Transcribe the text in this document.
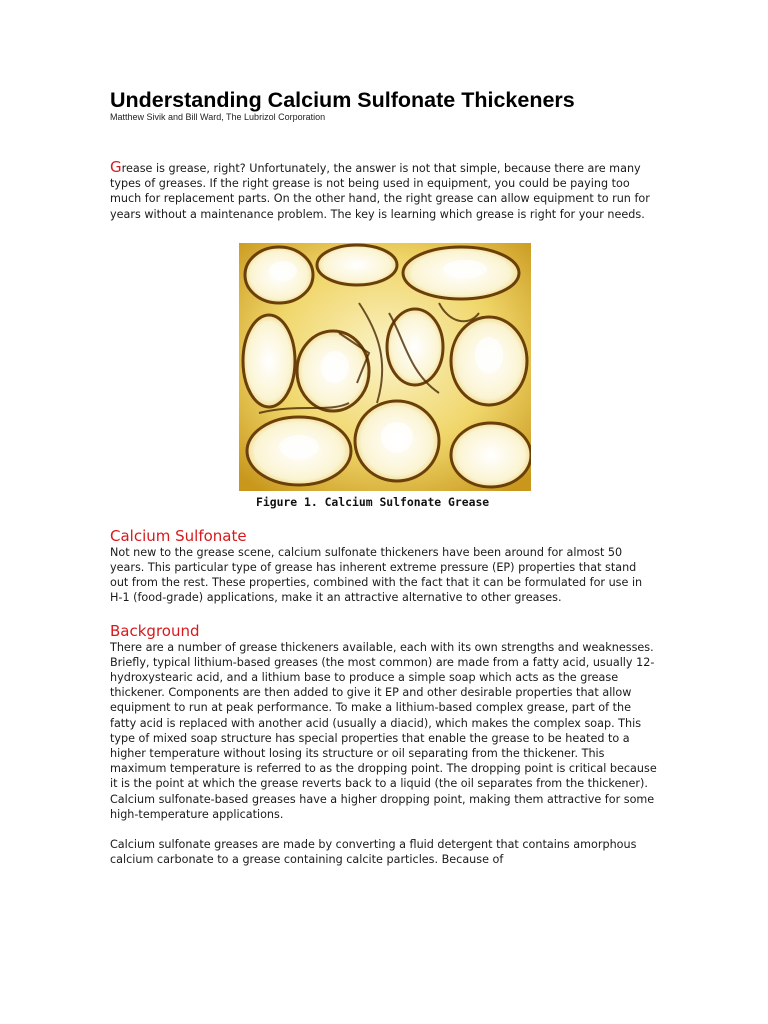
Understanding Calcium Sulfonate Thickeners
Matthew Sivik and Bill Ward, The Lubrizol Corporation

Grease is grease, right? Unfortunately, the answer is not that simple, because there are many types of greases. If the right grease is not being used in equipment, you could be paying too much for replacement parts. On the other hand, the right grease can allow equipment to run for years without a maintenance problem. The key is learning which grease is right for your needs.

Figure 1. Calcium Sulfonate Grease
Calcium Sulfonate

Not new to the grease scene, calcium sulfonate thickeners have been around for almost 50 years. This particular type of grease has inherent extreme pressure (EP) properties that stand out from the rest. These properties, combined with the fact that it can be formulated for use in H-1 (food-grade) applications, make it an attractive alternative to other greases.

Background

There are a number of grease thickeners available, each with its own strengths and weaknesses. Briefly, typical lithium-based greases (the most common) are made from a fatty acid, usually 12-hydroxystearic acid, and a lithium base to produce a simple soap which acts as the grease thickener. Components are then added to give it EP and other desirable properties that allow equipment to run at peak performance. To make a lithium-based complex grease, part of the fatty acid is replaced with another acid (usually a diacid), which makes the complex soap. This type of mixed soap structure has special properties that enable the grease to be heated to a higher temperature without losing its structure or oil separating from the thickener. This maximum temperature is referred to as the dropping point. The dropping point is critical because it is the point at which the grease reverts back to a liquid (the oil separates from the thickener). Calcium sulfonate-based greases have a higher dropping point, making them attractive for some high-temperature applications.

Calcium sulfonate greases are made by converting a fluid detergent that contains amorphous calcium carbonate to a grease containing calcite particles. Because of
